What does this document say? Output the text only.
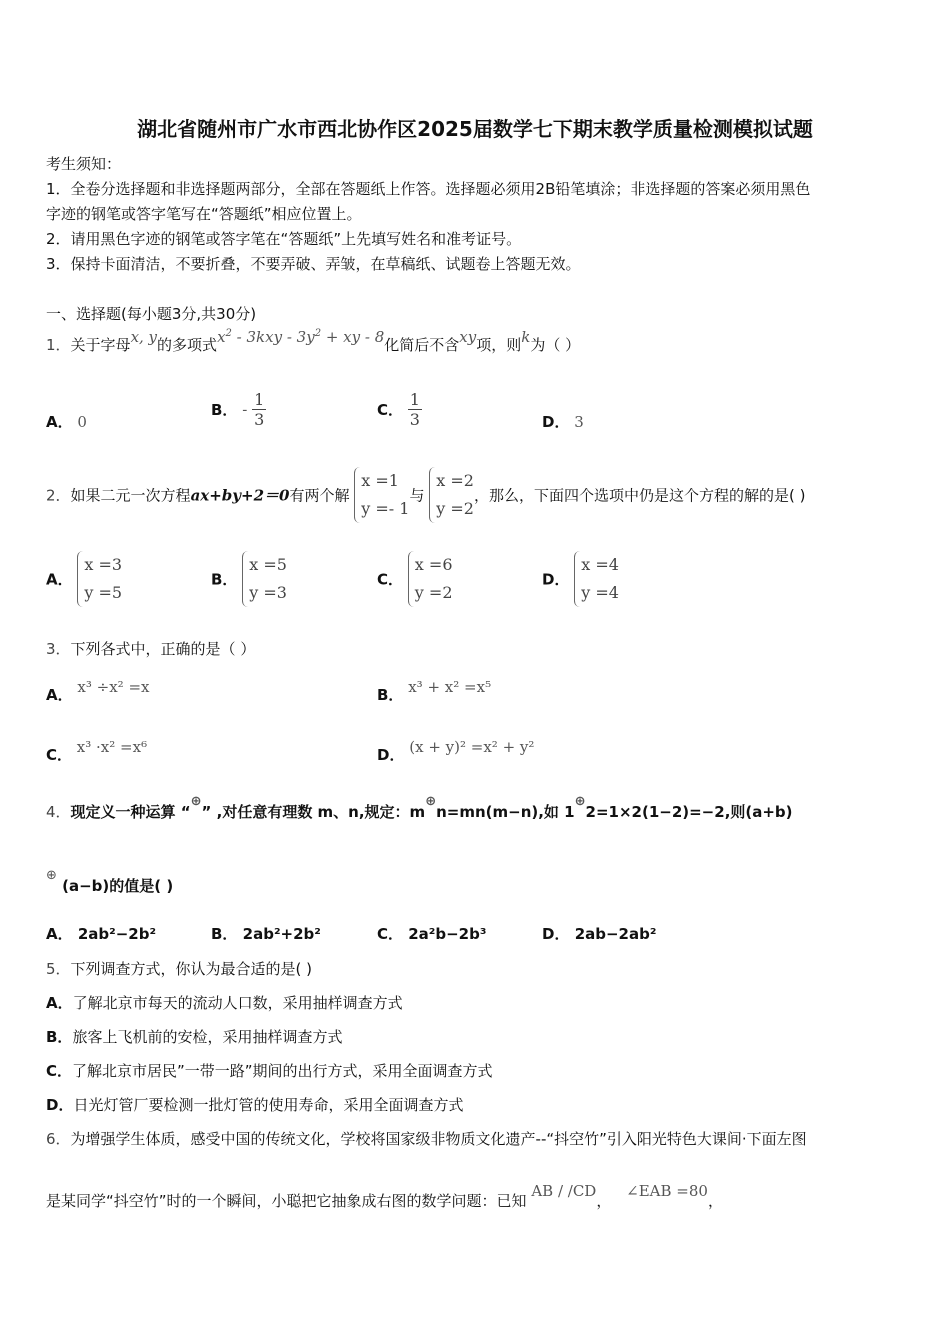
湖北省随州市广水市西北协作区2025届数学七下期末教学质量检测模拟试题
考生须知：
1．全卷分选择题和非选择题两部分，全部在答题纸上作答。选择题必须用2B铅笔填涂；非选择题的答案必须用黑色
字迹的钢笔或答字笔写在“答题纸”相应位置上。
2．请用黑色字迹的钢笔或答字笔在“答题纸”上先填写姓名和准考证号。
3．保持卡面清洁，不要折叠，不要弄破、弄皱，在草稿纸、试题卷上答题无效。
一、选择题(每小题3分,共30分)
1．关于字母x, y的多项式$x^2 - 3kxy - 3y^2$ + xy - 8化简后不含xy项，则k为（ ）
A． 0
B． - $\frac{1}{3}$	C． $\frac{1}{3}$	D． 3
2．如果二元一次方程ax+by+2＝0有两个解
x =1
y =- 1
与
x =2
y =2
，那么，下面四个选项中仍是这个方程的解的是( )
A．
x =3
y =5
B．
x =5
y =3
C．
x =6
y =2
D．
x =4
y =4
3．下列各式中，正确的是（ ）
A． x³ ÷x² =x	B． x³ + x² =x⁵
C． x³ ·x² =x⁶	D． (x + y)² =x² + y²
4．现定义一种运算 “⊕” ,对任意有理数 m、n,规定：m⊕n=mn(m−n),如 1⊕2=1×2(1−2)=−2,则(a+b)
⊕ (a−b)的值是( )
A． 2ab²−2b²	B． 2ab²+2b²	C． 2a²b−2b³	D． 2ab−2ab²
5．下列调查方式，你认为最合适的是( )
A．了解北京市每天的流动人口数，采用抽样调查方式
B．旅客上飞机前的安检，采用抽样调查方式
C．了解北京市居民”一带一路”期间的出行方式，采用全面调查方式
D．日光灯管厂要检测一批灯管的使用寿命，采用全面调查方式
6．为增强学生体质，感受中国的传统文化，学校将国家级非物质文化遗产--“抖空竹”引入阳光特色大课间·下面左图
是某同学“抖空竹”时的一个瞬间，小聪把它抽象成右图的数学问题：已知 AB / /CD， ∠EAB =80，
